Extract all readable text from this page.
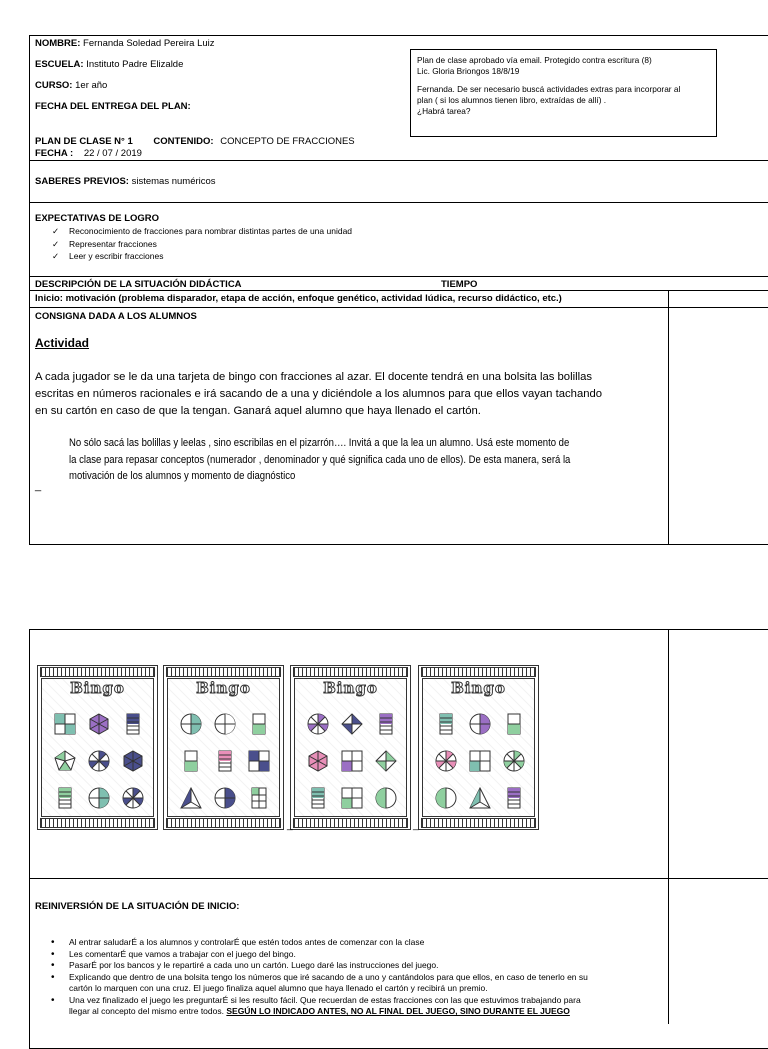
NOMBRE: Fernanda Soledad Pereira Luiz
ESCUELA: Instituto Padre Elizalde
CURSO: 1er año
FECHA DEL ENTREGA DEL PLAN:
PLAN DE CLASE N° 1 CONTENIDO: CONCEPTO DE FRACCIONES
FECHA : 22 / 07 / 2019
Plan de clase aprobado vía email. Protegido contra escritura (8)
Lic. Gloria Briongos 18/8/19
Fernanda. De ser necesario buscá actividades extras para incorporar al
plan ( si los alumnos tienen libro, extraídas de allí) .
¿Habrá tarea?
SABERES PREVIOS: sistemas numéricos
EXPECTATIVAS DE LOGRO
✓ Reconocimiento de fracciones para nombrar distintas partes de una unidad
✓ Representar fracciones
✓ Leer y escribir fracciones
DESCRIPCIÓN DE LA SITUACIÓN DIDÁCTICA	TIEMPO
Inicio: motivación (problema disparador, etapa de acción, enfoque genético, actividad lúdica, recurso didáctico, etc.)
CONSIGNA DADA A LOS ALUMNOS
Actividad
A cada jugador se le da una tarjeta de bingo con fracciones al azar. El docente tendrá en una bolsita las bolillas
escritas en números racionales e irá sacando de a una y diciéndole a los alumnos para que ellos vayan tachando
en su cartón en caso de que la tengan. Ganará aquel alumno que haya llenado el cartón.
No sólo sacá las bolillas y leelas , sino escribilas en el pizarrón…. Invitá a que la lea un alumno. Usá este momento de
la clase para repasar conceptos (numerador , denominador y qué significa cada uno de ellos). De esta manera, será la
motivación de los alumnos y momento de diagnóstico
_
Bingo	Bingo	Bingo	Bingo
_	_
REINIVERSIÓN DE LA SITUACIÓN DE INICIO:
• Al entrar saludarÉ a los alumnos y controlarÉ que estén todos antes de comenzar con la clase
• Les comentarÉ que vamos a trabajar con el juego del bingo.
• PasarÉ por los bancos y le repartiré a cada uno un cartón. Luego daré las instrucciones del juego.
• Explicando que dentro de una bolsita tengo los números que iré sacando de a uno y cantándolos para que ellos, en caso de tenerlo en su
cartón lo marquen con una cruz. El juego finaliza aquel alumno que haya llenado el cartón y recibirá un premio.
• Una vez finalizado el juego les preguntarÉ si les resulto fácil. Que recuerdan de estas fracciones con las que estuvimos trabajando para
llegar al concepto del mismo entre todos. SEGÚN LO INDICADO ANTES, NO AL FINAL DEL JUEGO, SINO DURANTE EL JUEGO
